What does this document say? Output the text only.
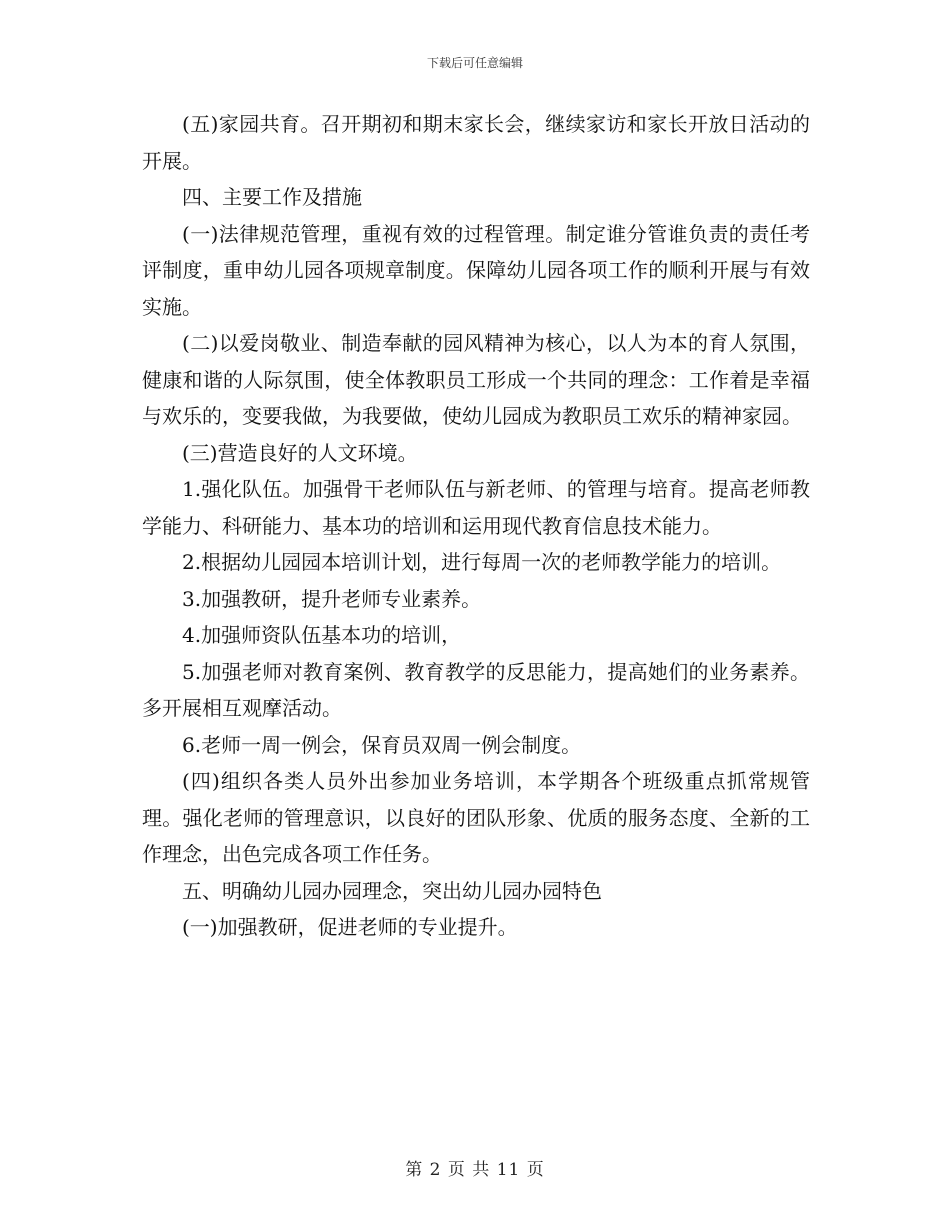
下载后可任意编辑

(五)家园共育。召开期初和期末家长会，继续家访和家长开放日活动的开展。

四、主要工作及措施

(一)法律规范管理，重视有效的过程管理。制定谁分管谁负责的责任考评制度，重申幼儿园各项规章制度。保障幼儿园各项工作的顺利开展与有效实施。

(二)以爱岗敬业、制造奉献的园风精神为核心，以人为本的育人氛围，健康和谐的人际氛围，使全体教职员工形成一个共同的理念：工作着是幸福与欢乐的，变要我做，为我要做，使幼儿园成为教职员工欢乐的精神家园。

(三)营造良好的人文环境。

1.强化队伍。加强骨干老师队伍与新老师、的管理与培育。提高老师教学能力、科研能力、基本功的培训和运用现代教育信息技术能力。

2.根据幼儿园园本培训计划，进行每周一次的老师教学能力的培训。

3.加强教研，提升老师专业素养。

4.加强师资队伍基本功的培训，

5.加强老师对教育案例、教育教学的反思能力，提高她们的业务素养。多开展相互观摩活动。

6.老师一周一例会，保育员双周一例会制度。

(四)组织各类人员外出参加业务培训，本学期各个班级重点抓常规管理。强化老师的管理意识，以良好的团队形象、优质的服务态度、全新的工作理念，出色完成各项工作任务。

五、明确幼儿园办园理念，突出幼儿园办园特色

(一)加强教研，促进老师的专业提升。

第 2 页 共 11 页
